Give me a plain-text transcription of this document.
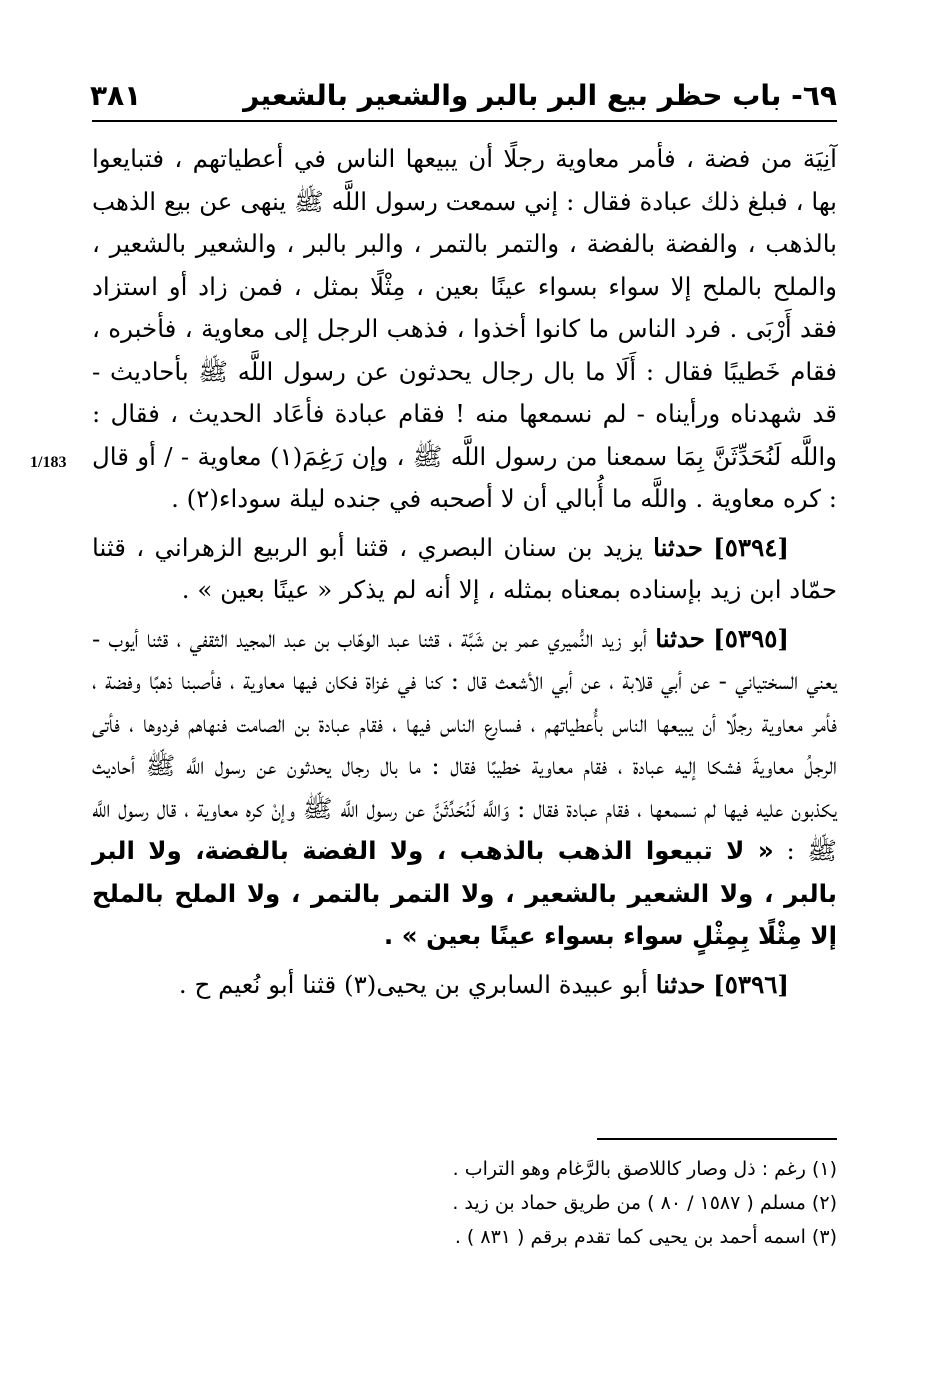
٦٩- باب حظر بيع البر بالبر والشعير بالشعير
٣٨١
1/183

آنِيَة من فضة ، فأمر معاوية رجلًا أن يبيعها الناس في أعطياتهم ، فتبايعوا بها ، فبلغ ذلك عبادة فقال : إني سمعت رسول اللَّه ﷺ ينهى عن بيع الذهب بالذهب ، والفضة بالفضة ، والتمر بالتمر ، والبر بالبر ، والشعير بالشعير ، والملح بالملح إلا سواء بسواء عينًا بعين ، مِثْلًا بمثل ، فمن زاد أو استزاد فقد أَرْبَى . فرد الناس ما كانوا أخذوا ، فذهب الرجل إلى معاوية ، فأخبره ، فقام خَطيبًا فقال : أَلَا ما بال رجال يحدثون عن رسول اللَّه ﷺ بأحاديث - قد شهدناه ورأيناه - لم نسمعها منه ! فقام عبادة فأعَاد الحديث ، فقال : واللَّه لَنُحَدِّثَنَّ بِمَا سمعنا من رسول اللَّه ﷺ ، وإن رَغِمَ(١) معاوية - / أو قال : كره معاوية . واللَّه ما أُبالي أن لا أصحبه في جنده ليلة سوداء(٢) .

[٥٣٩٤] حدثنا يزيد بن سنان البصري ، قثنا أبو الربيع الزهراني ، قثنا حمّاد ابن زيد بإسناده بمعناه بمثله ، إلا أنه لم يذكر « عينًا بعين » .

[٥٣٩٥] حدثنا أبو زيد النُّميري عمر بن شَبَّة ، قثنا عبد الوهّاب بن عبد المجيد الثقفي ، قثنا أيوب - يعني السختياني - عن أبي قلابة ، عن أبي الأشعث قال : كنا في غزاة فكان فيها معاوية ، فأصبنا ذهبًا وفضة ، فأمر معاوية رجلًا أن يبيعها الناس بأُعطياتهم ، فسارع الناس فيها ، فقام عبادة بن الصامت فنهاهم فردوها ، فأتى الرجلُ معاويةَ فشكا إليه عبادة ، فقام معاوية خطيبًا فقال : ما بال رجال يحدثون عن رسول اللَّه ﷺ أحاديث يكذبون عليه فيها لم نسمعها ، فقام عبادة فقال : وَاللَّه لَنُحَدِّثَنَّ عن رسول اللَّه ﷺ وإنْ كره معاوية ، قال رسول اللَّه ﷺ : « لا تبيعوا الذهب بالذهب ، ولا الفضة بالفضة، ولا البر بالبر ، ولا الشعير بالشعير ، ولا التمر بالتمر ، ولا الملح بالملح إلا مِثْلًا بِمِثْلٍ سواء بسواء عينًا بعين » .

[٥٣٩٦] حدثنا أبو عبيدة السابري بن يحيى(٣) قثنا أبو نُعيم ح .

(١) رغم : ذل وصار كاللاصق بالرَّغام وهو التراب .

(٢) مسلم ( ١٥٨٧ / ٨٠ ) من طريق حماد بن زيد .

(٣) اسمه أحمد بن يحيى كما تقدم برقم ( ٨٣١ ) .
